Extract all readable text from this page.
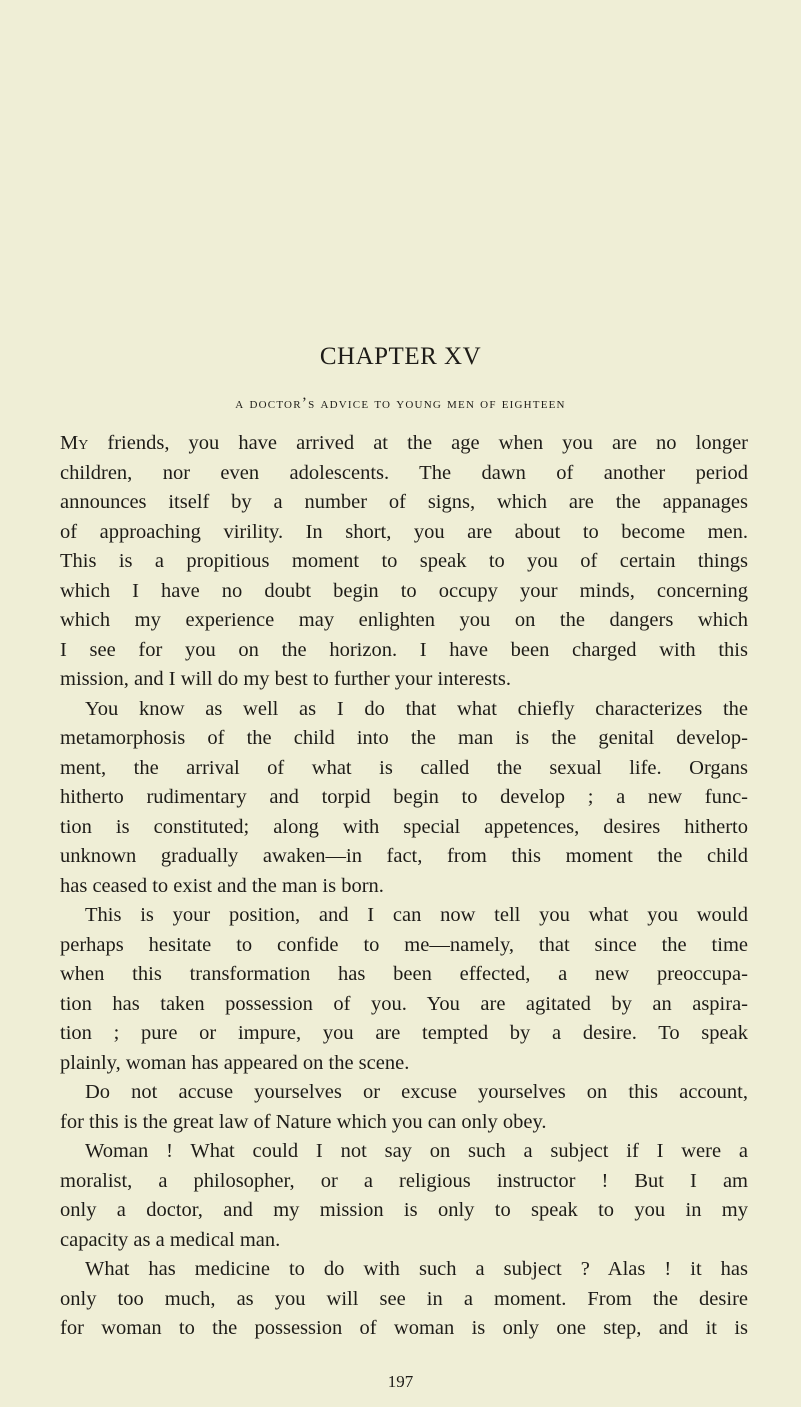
CHAPTER XV
a doctor’s advice to young men of eighteen
My friends, you have arrived at the age when you are no longer
children, nor even adolescents. The dawn of another period
announces itself by a number of signs, which are the appanages
of approaching virility. In short, you are about to become men.
This is a propitious moment to speak to you of certain things
which I have no doubt begin to occupy your minds, concerning
which my experience may enlighten you on the dangers which
I see for you on the horizon. I have been charged with this
mission, and I will do my best to further your interests.
You know as well as I do that what chiefly characterizes the
metamorphosis of the child into the man is the genital develop-
ment, the arrival of what is called the sexual life. Organs
hitherto rudimentary and torpid begin to develop ; a new func-
tion is constituted; along with special appetences, desires hitherto
unknown gradually awaken—in fact, from this moment the child
has ceased to exist and the man is born.
This is your position, and I can now tell you what you would
perhaps hesitate to confide to me—namely, that since the time
when this transformation has been effected, a new preoccupa-
tion has taken possession of you. You are agitated by an aspira-
tion ; pure or impure, you are tempted by a desire. To speak
plainly, woman has appeared on the scene.
Do not accuse yourselves or excuse yourselves on this account,
for this is the great law of Nature which you can only obey.
Woman ! What could I not say on such a subject if I were a
moralist, a philosopher, or a religious instructor ! But I am
only a doctor, and my mission is only to speak to you in my
capacity as a medical man.
What has medicine to do with such a subject ? Alas ! it has
only too much, as you will see in a moment. From the desire
for woman to the possession of woman is only one step, and it is
197
